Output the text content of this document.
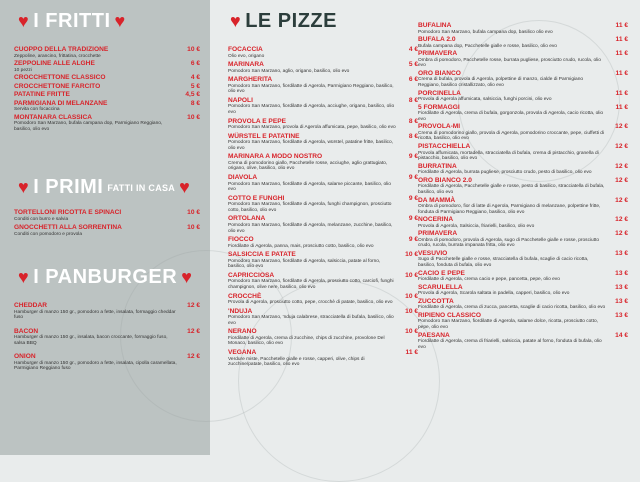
♥ I FRITTI ♥
CUOPPO DELLA TRADIZIONE	10 €
Zeppoline, arancino, frittatina, crocchette
ZEPPOLINE ALLE ALGHE	6 €
10 pezzi
CROCCHETTONE CLASSICO	4 €
CROCCHETTONE FARCITO	5 €
PATATINE FRITTE	4,5 €
PARMIGIANA DI MELANZANE	8 €
Servita con focaccina
MONTANARA CLASSICA	10 €
Pomodoro San Marzano, bufala campana dop, Parmigiano Reggiano, basilico, olio evo
♥ I PRIMI FATTI IN CASA ♥
TORTELLONI RICOTTA E SPINACI	10 €
Conditi con burro e salvia
GNOCCHETTI ALLA SORRENTINA	10 €
Conditi con pomodoro e provola
♥ I PANBURGER ♥
CHEDDAR	12 €
Hamburger di manzo 150 gr., pomodoro a fette, insalata, formaggio cheddar fuso
BACON	12 €
Hamburger di manzo 150 gr., insalata, bacon croccante, formaggio fuso, salsa BBQ
ONION	12 €
Hamburger di manzo 150 gr., pomodoro a fette, insalata, cipolla caramellata, Parmigiano Reggiano fuso
♥ LE PIZZE
FOCACCIA	4 €
Olio evo, origano
MARINARA	5 €
Pomodoro San Marzano, aglio, origano, basilico, olio evo
MARGHERITA	6 €
Pomodoro San Marzano, fiordilatte di Agerola, Parmigiano Reggiano, basilico, olio evo
NAPOLI	8 €
Pomodoro San Marzano, fiordilatte di Agerola, acciughe, origano, basilico, olio evo
PROVOLA E PEPE	8 €
Pomodoro San Marzano, provola di Agerola affumicata, pepe, basilico, olio evo
WÜRSTEL E PATATINE	8 €
Pomodoro San Marzano, fiordilatte di Agerola, würstel, patatine fritte, basilico, olio evo
MARINARA A MODO NOSTRO	9 €
Crema di pomodorino giallo, Pacchetelle rosse, acciughe, aglio grattugiato, origano, olive, basilico, olio evo
DIAVOLA	9 €
Pomodoro San Marzano, fiordilatte di Agerola, salame piccante, basilico, olio evo
COTTO E FUNGHI	9 €
Pomodoro San Marzano, fiordilatte di Agerola, funghi champignon, prosciutto cotto, basilico, olio evo
ORTOLANA	9 €
Pomodoro San Marzano, fiordilatte di Agerola, melanzane, zucchine, basilico, olio evo
FIOCCO	9 €
Fiordilatte di Agerola, panna, mais, prosciutto cotto, basilico, olio evo
SALSICCIA E PATATE	10 €
Pomodoro San Marzano, fiordilatte di Agerola, salsiccia, patate al forno, basilico, olio evo
CAPRICCIOSA	10 €
Pomodoro San Marzano, fiordilatte di Agerola, prosciutto cotto, carciofi, funghi champignon, olive nere, basilico, olio evo
CROCCHÈ	10 €
Provola di Agerola, prosciutto cotto, pepe, crocchè di patate, basilico, olio evo
'NDUJA	10 €
Pomodoro San Marzano, 'nduja calabrese, stracciatella di bufala, basilico, olio evo
NERANO	10 €
Fiordilatte di Agerola, crema di zucchine, chips di zucchine, provolone Del Monaco, basilico, olio evo
VEGANA	11 €
Verdure miste, Pacchetelle gialle e rosse, capperi, olive, chips di zucchine/patate, basilico, olio evo
BUFALINA	11 €
Pomodoro San Marzano, bufala campana dop, basilico olio evo
BUFALA 2.0	11 €
Bufala campana dop, Pacchetelle gialle e rosse, basilico, olio evo
PRIMAVERA	11 €
Ombra di pomodoro, Pacchetelle rosse, burrata pugliese, prosciutto crudo, rucola, olio evo
ORO BIANCO	11 €
Crema di bufala, provola di Agerola, polpettine di manzo, cialde di Parmigiano Reggiano, basilico cristallizzato, olio evo
PORCINELLA	11 €
Provola di Agerola affumicata, salsiccia, funghi porcini, olio evo
5 FORMAGGI	11 €
Fiordilatte di Agerola, crema di bufala, gorgonzola, provola di Agerola, cacio ricotta, olio evo
PROVOLA-MI	12 €
Crema di pomodorino giallo, provola di Agerola, pomodorino croccante, pepe, ciuffetti di ricotta, basilico, olio evo
PISTACCHIELLA	12 €
Provola affumicata, mortadella, stracciatella di bufala, crema di pistacchio, granella di pistacchio, basilico, olio evo
BURRATINA	12 €
Fiordilatte di Agerola, burrata pugliese, prosciutto crudo, pesto di basilico, olio evo
ORO BIANCO 2.0	12 €
Fiordilatte di Agerola, Pacchetelle gialle e rosse, pesto di basilico, stracciatella di bufala, basilico, olio evo
DA MAMMÀ	12 €
Ombra di pomodoro, fior di latte di Agerola, Parmigiano di melanzane, polpettine fritte, fonduta di Parmigiano Reggiano, basilico, olio evo
NOCERINA	12 €
Provola di Agerola, Salsiccia, friarielli, basilico, olio evo
PRIMAVERA	12 €
Ombra di pomodoro, provola di Agerola, sugo di Pacchetelle gialle e rosse, prosciutto crudo, rucola, burrata impanata fritta, olio evo
VESUVIO	13 €
Sugo di Pacchetelle gialle e rosse, stracciatella di bufala, scaglie di cacio ricotta, basilico, fonduta di bufala, olio evo
CACIO E PEPE	13 €
Fiordilatte di Agerola, crema cacio e pepe, pancetta, pepe, olio evo
SCARULELLA	13 €
Provola di Agerola, Scarola saltata in padella, capperi, basilico, olio evo
ZUCCOTTA	13 €
Fiordilatte di Agerola, crema di zucca, pancetta, scaglie di cacio ricotta, basilico, olio evo
RIPIENO CLASSICO	13 €
Pomodoro San Marzano, fiordilatte di Agerola, salame dolce, ricotta, prosciutto cotto, pepe, olio evo
PAESANA	14 €
Fiordilatte di Agerola, crema di friarielli, salsiccia, patate al forno, fonduta di bufala, olio evo
